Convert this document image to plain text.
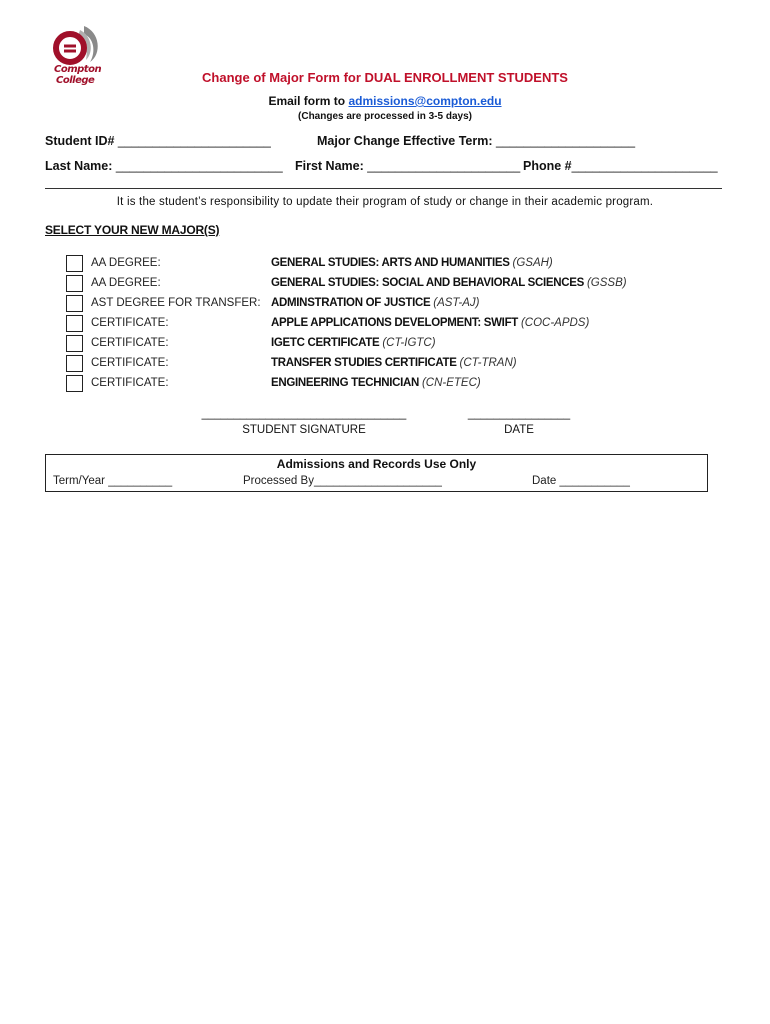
Compton
College	Change of Major Form for DUAL ENROLLMENT STUDENTS
Email form to admissions@compton.edu
(Changes are processed in 3-5 days)
Student ID# ______________________	Major Change Effective Term: ____________________
Last Name: ________________________ First Name: ______________________ Phone #_____________________
It is the student’s responsibility to update their program of study or change in their academic program.
SELECT YOUR NEW MAJOR(S)
AA DEGREE:	GENERAL STUDIES: ARTS AND HUMANITIES (GSAH)
AA DEGREE:	GENERAL STUDIES: SOCIAL AND BEHAVIORAL SCIENCES (GSSB)
AST DEGREE FOR TRANSFER: ADMINSTRATION OF JUSTICE (AST-AJ)
CERTIFICATE:	APPLE APPLICATIONS DEVELOPMENT: SWIFT (COC-APDS)
CERTIFICATE:	IGETC CERTIFICATE (CT-IGTC)
CERTIFICATE:	TRANSFER STUDIES CERTIFICATE (CT-TRAN)
CERTIFICATE:	ENGINEERING TECHNICIAN (CN-ETEC)
________________________________
STUDENT SIGNATURE
________________
DATE
Admissions and Records Use Only
Term/Year __________	Processed By____________________	Date ___________
